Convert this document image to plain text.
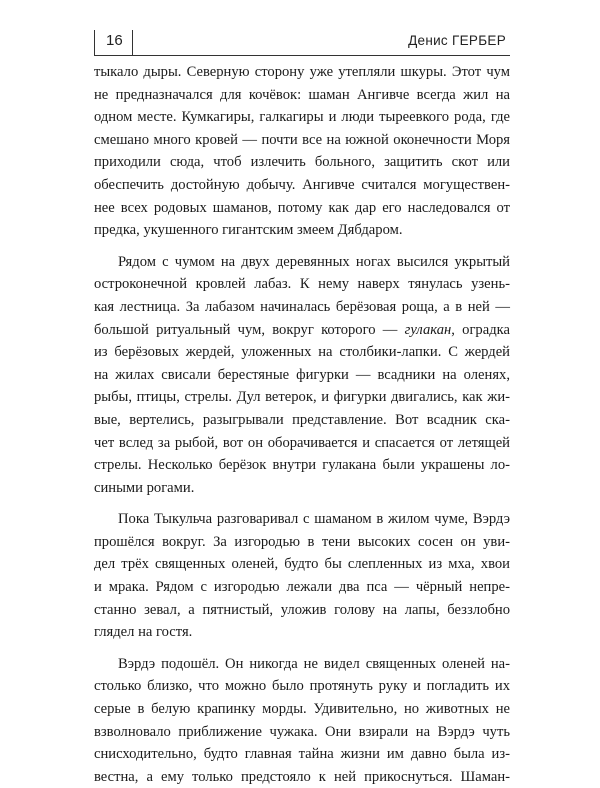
16	Денис ГЕРБЕР

тыкало дыры. Северную сторону уже утепляли шкуры. Этот чум
не предназначался для кочёвок: шаман Ангивче всегда жил на
одном месте. Кумкагиры, галкагиры и люди тыреевкого рода, где
смешано много кровей — почти все на южной оконечности Моря
приходили сюда, чтоб излечить больного, защитить скот или
обеспечить достойную добычу. Ангивче считался могуществен-
нее всех родовых шаманов, потому как дар его наследовался от
предка, укушенного гигантским змеем Дябдаром.

Рядом с чумом на двух деревянных ногах высился укрытый
остроконечной кровлей лабаз. К нему наверх тянулась узень-
кая лестница. За лабазом начиналась берёзовая роща, а в ней —
большой ритуальный чум, вокруг которого — гулакан, оградка
из берёзовых жердей, уложенных на столбики-лапки. С жердей
на жилах свисали берестяные фигурки — всадники на оленях,
рыбы, птицы, стрелы. Дул ветерок, и фигурки двигались, как жи-
вые, вертелись, разыгрывали представление. Вот всадник ска-
чет вслед за рыбой, вот он оборачивается и спасается от летящей
стрелы. Несколько берёзок внутри гулакана были украшены ло-
сиными рогами.

Пока Тыкульча разговаривал с шаманом в жилом чуме, Вэрдэ
прошёлся вокруг. За изгородью в тени высоких сосен он уви-
дел трёх священных оленей, будто бы слепленных из мха, хвои
и мрака. Рядом с изгородью лежали два пса — чёрный непре-
станно зевал, а пятнистый, уложив голову на лапы, беззлобно
глядел на гостя.

Вэрдэ подошёл. Он никогда не видел священных оленей на-
столько близко, что можно было протянуть руку и погладить их
серые в белую крапинку морды. Удивительно, но животных не
взволновало приближение чужака. Они взирали на Вэрдэ чуть
снисходительно, будто главная тайна жизни им давно была из-
вестна, а ему только предстояло к ней прикоснуться. Шаман-
